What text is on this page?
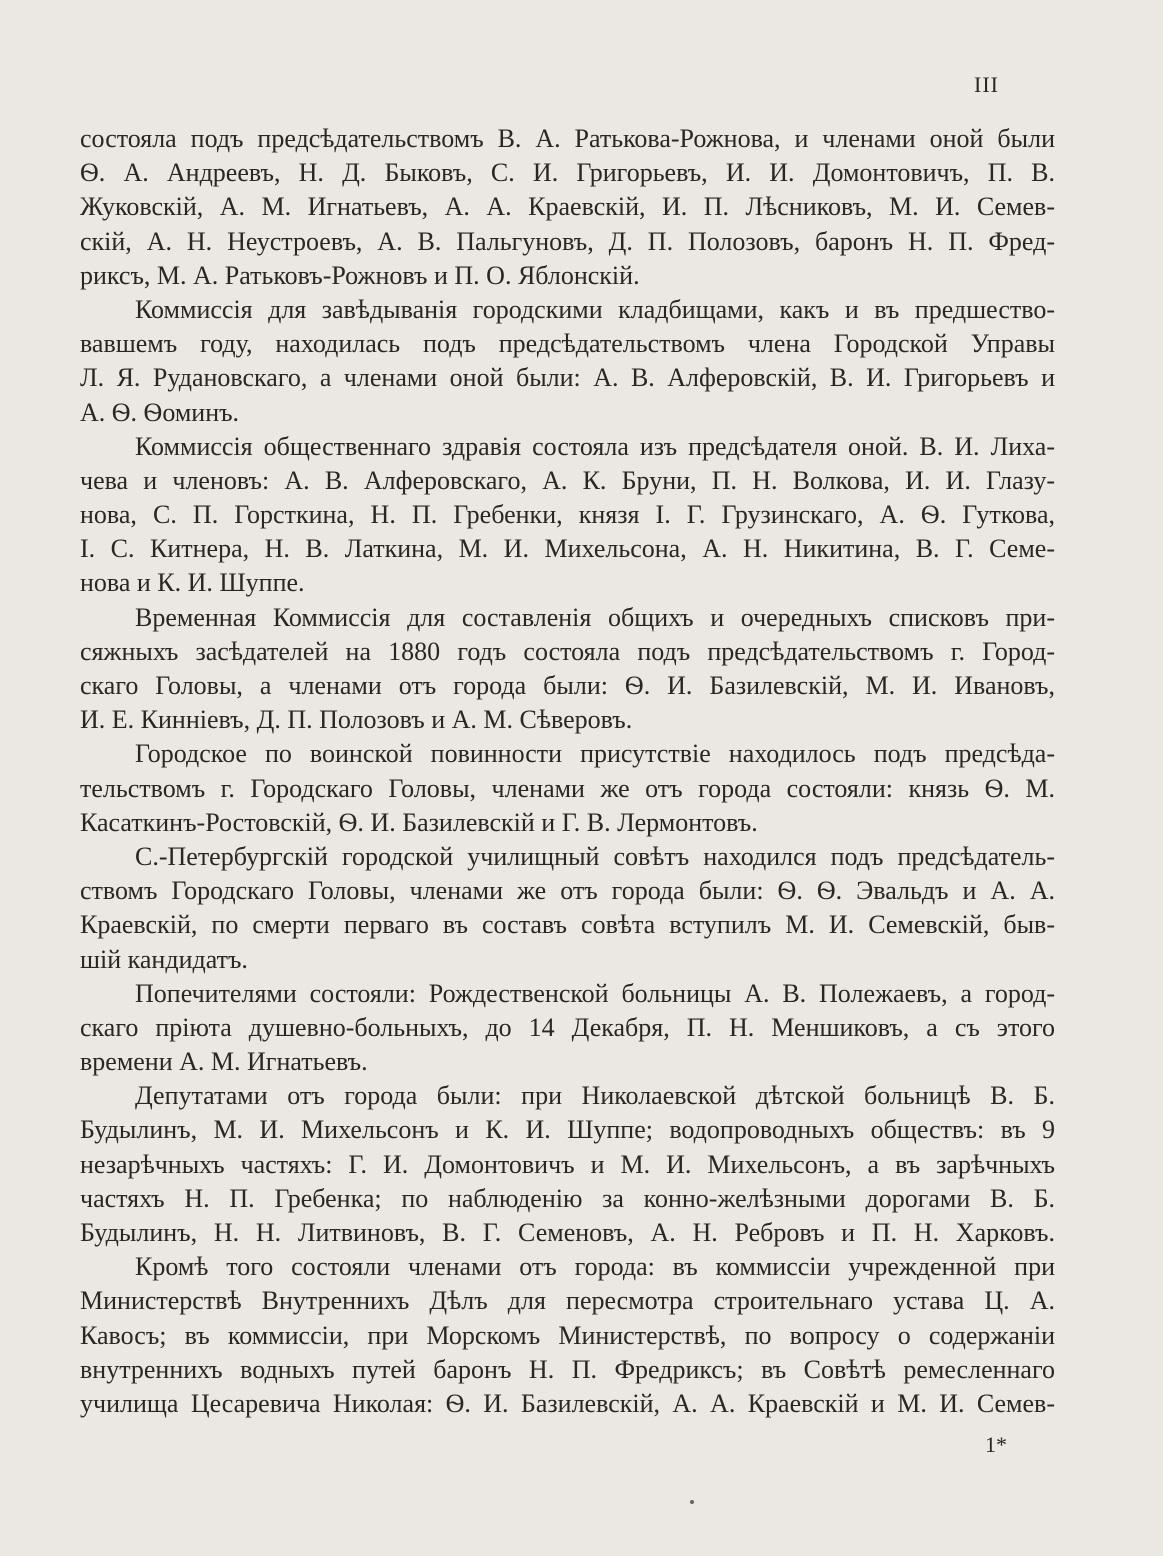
III
состояла подъ предсѣдательствомъ В. А. Ратькова-Рожнова, и членами оной были
Ѳ. А. Андреевъ, Н. Д. Быковъ, С. И. Григорьевъ, И. И. Домонтовичъ, П. В.
Жуковскій, А. М. Игнатьевъ, А. А. Краевскій, И. П. Лѣсниковъ, М. И. Семев-
скій, А. Н. Неустроевъ, А. В. Пальгуновъ, Д. П. Полозовъ, баронъ Н. П. Фред-
риксъ, М. А. Ратьковъ-Рожновъ и П. О. Яблонскій.
Коммиссія для завѣдыванія городскими кладбищами, какъ и въ предшество-
вавшемъ году, находилась подъ предсѣдательствомъ члена Городской Управы
Л. Я. Рудановскаго, а членами оной были: А. В. Алферовскій, В. И. Григорьевъ и
А. Ѳ. Ѳоминъ.
Коммиссія общественнаго здравія состояла изъ предсѣдателя оной. В. И. Лиха-
чева и членовъ: А. В. Алферовскаго, А. К. Бруни, П. Н. Волкова, И. И. Глазу-
нова, С. П. Горсткина, Н. П. Гребенки, князя І. Г. Грузинскаго, А. Ѳ. Гуткова,
І. С. Китнера, Н. В. Латкина, М. И. Михельсона, А. Н. Никитина, В. Г. Семе-
нова и К. И. Шуппе.
Временная Коммиссія для составленія общихъ и очередныхъ списковъ при-
сяжныхъ засѣдателей на 1880 годъ состояла подъ предсѣдательствомъ г. Город-
скаго Головы, а членами отъ города были: Ѳ. И. Базилевскій, М. И. Ивановъ,
И. Е. Кинніевъ, Д. П. Полозовъ и А. М. Сѣверовъ.
Городское по воинской повинности присутствіе находилось подъ предсѣда-
тельствомъ г. Городскаго Головы, членами же отъ города состояли: князь Ѳ. М.
Касаткинъ-Ростовскій, Ѳ. И. Базилевскій и Г. В. Лермонтовъ.
С.-Петербургскій городской училищный совѣтъ находился подъ предсѣдатель-
ствомъ Городскаго Головы, членами же отъ города были: Ѳ. Ѳ. Эвальдъ и А. А.
Краевскій, по смерти перваго въ составъ совѣта вступилъ М. И. Семевскій, быв-
шій кандидатъ.
Попечителями состояли: Рождественской больницы А. В. Полежаевъ, а город-
скаго пріюта душевно-больныхъ, до 14 Декабря, П. Н. Меншиковъ, а съ этого
времени А. М. Игнатьевъ.
Депутатами отъ города были: при Николаевской дѣтской больницѣ В. Б.
Будылинъ, М. И. Михельсонъ и К. И. Шуппе; водопроводныхъ обществъ: въ 9
незарѣчныхъ частяхъ: Г. И. Домонтовичъ и М. И. Михельсонъ, а въ зарѣчныхъ
частяхъ Н. П. Гребенка; по наблюденію за конно-желѣзными дорогами В. Б.
Будылинъ, Н. Н. Литвиновъ, В. Г. Семеновъ, А. Н. Ребровъ и П. Н. Харковъ.
Кромѣ того состояли членами отъ города: въ коммиссіи учрежденной при
Министерствѣ Внутреннихъ Дѣлъ для пересмотра строительнаго устава Ц. А.
Кавосъ; въ коммиссіи, при Морскомъ Министерствѣ, по вопросу о содержаніи
внутреннихъ водныхъ путей баронъ Н. П. Фредриксъ; въ Совѣтѣ ремесленнаго
училища Цесаревича Николая: Ѳ. И. Базилевскій, А. А. Краевскій и М. И. Семев-
1*
